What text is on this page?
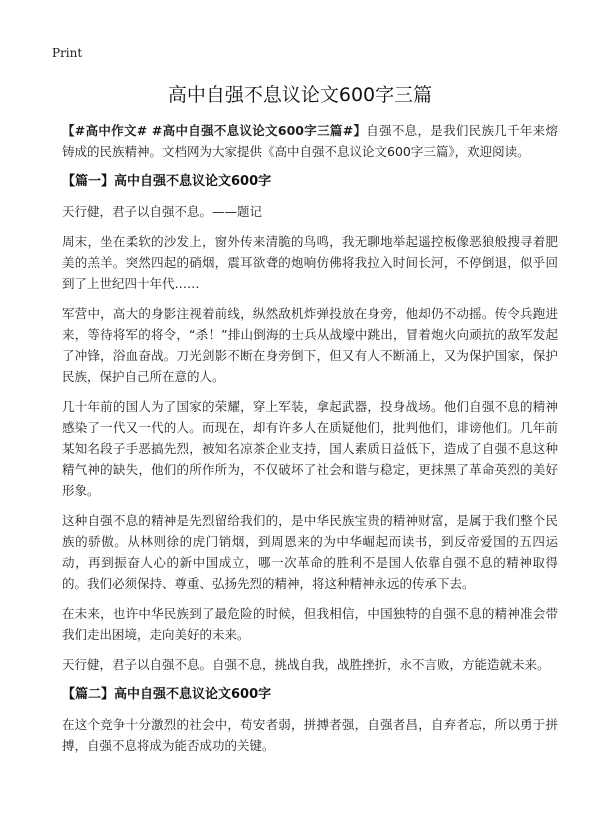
Print
高中自强不息议论文600字三篇

【#高中作文# #高中自强不息议论文600字三篇#】自强不息，是我们民族几千年来熔铸成的民族精神。文档网为大家提供《高中自强不息议论文600字三篇》，欢迎阅读。

【篇一】高中自强不息议论文600字

天行健，君子以自强不息。——题记

周末，坐在柔软的沙发上，窗外传来清脆的鸟鸣，我无聊地举起遥控板像恶狼般搜寻着肥美的羔羊。突然四起的硝烟，震耳欲聋的炮响仿佛将我拉入时间长河，不停倒退，似乎回到了上世纪四十年代……

军营中，高大的身影注视着前线，纵然敌机炸弹投放在身旁，他却仍不动摇。传令兵跑进来，等待将军的将令，“杀！”排山倒海的士兵从战壕中跳出，冒着炮火向顽抗的敌军发起了冲锋，浴血奋战。刀光剑影不断在身旁倒下，但又有人不断涌上，又为保护国家，保护民族，保护自己所在意的人。

几十年前的国人为了国家的荣耀，穿上军装，拿起武器，投身战场。他们自强不息的精神感染了一代又一代的人。而现在，却有许多人在质疑他们，批判他们，诽谤他们。几年前某知名段子手恶搞先烈，被知名凉茶企业支持，国人素质日益低下，造成了自强不息这种精气神的缺失，他们的所作所为，不仅破坏了社会和谐与稳定，更抹黑了革命英烈的美好形象。

这种自强不息的精神是先烈留给我们的，是中华民族宝贵的精神财富，是属于我们整个民族的骄傲。从林则徐的虎门销烟，到周恩来的为中华崛起而读书，到反帝爱国的五四运动，再到振奋人心的新中国成立，哪一次革命的胜利不是国人依靠自强不息的精神取得的。我们必须保持、尊重、弘扬先烈的精神，将这种精神永远的传承下去。

在未来，也许中华民族到了最危险的时候，但我相信，中国独特的自强不息的精神准会带我们走出困境，走向美好的未来。

天行健，君子以自强不息。自强不息，挑战自我，战胜挫折，永不言败，方能造就未来。

【篇二】高中自强不息议论文600字

在这个竞争十分激烈的社会中，苟安者弱，拼搏者强，自强者昌，自弃者忘，所以勇于拼搏，自强不息将成为能否成功的关键。
